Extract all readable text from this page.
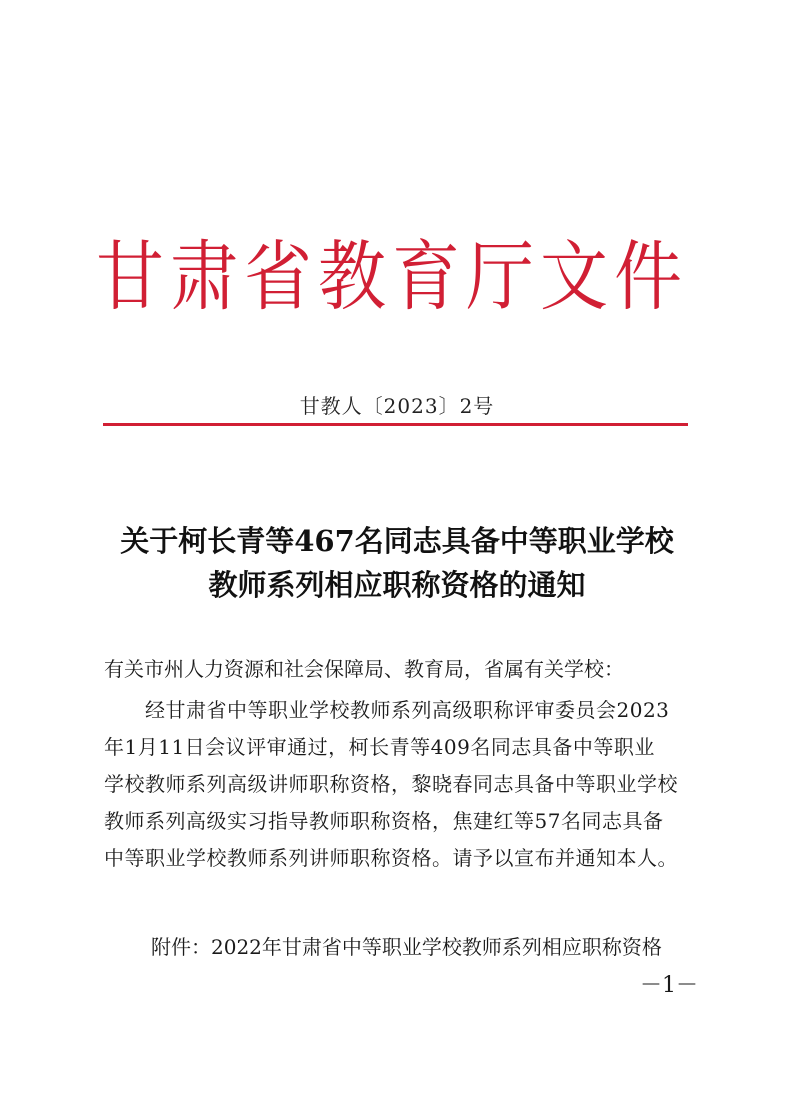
甘肃省教育厅文件
甘教人〔2023〕2号
关于柯长青等467名同志具备中等职业学校
教师系列相应职称资格的通知
有关市州人力资源和社会保障局、教育局，省属有关学校：
　　经甘肃省中等职业学校教师系列高级职称评审委员会2023
年1月11日会议评审通过，柯长青等409名同志具备中等职业
学校教师系列高级讲师职称资格，黎晓春同志具备中等职业学校
教师系列高级实习指导教师职称资格，焦建红等57名同志具备
中等职业学校教师系列讲师职称资格。请予以宣布并通知本人。
附件：2022年甘肃省中等职业学校教师系列相应职称资格
－1－
